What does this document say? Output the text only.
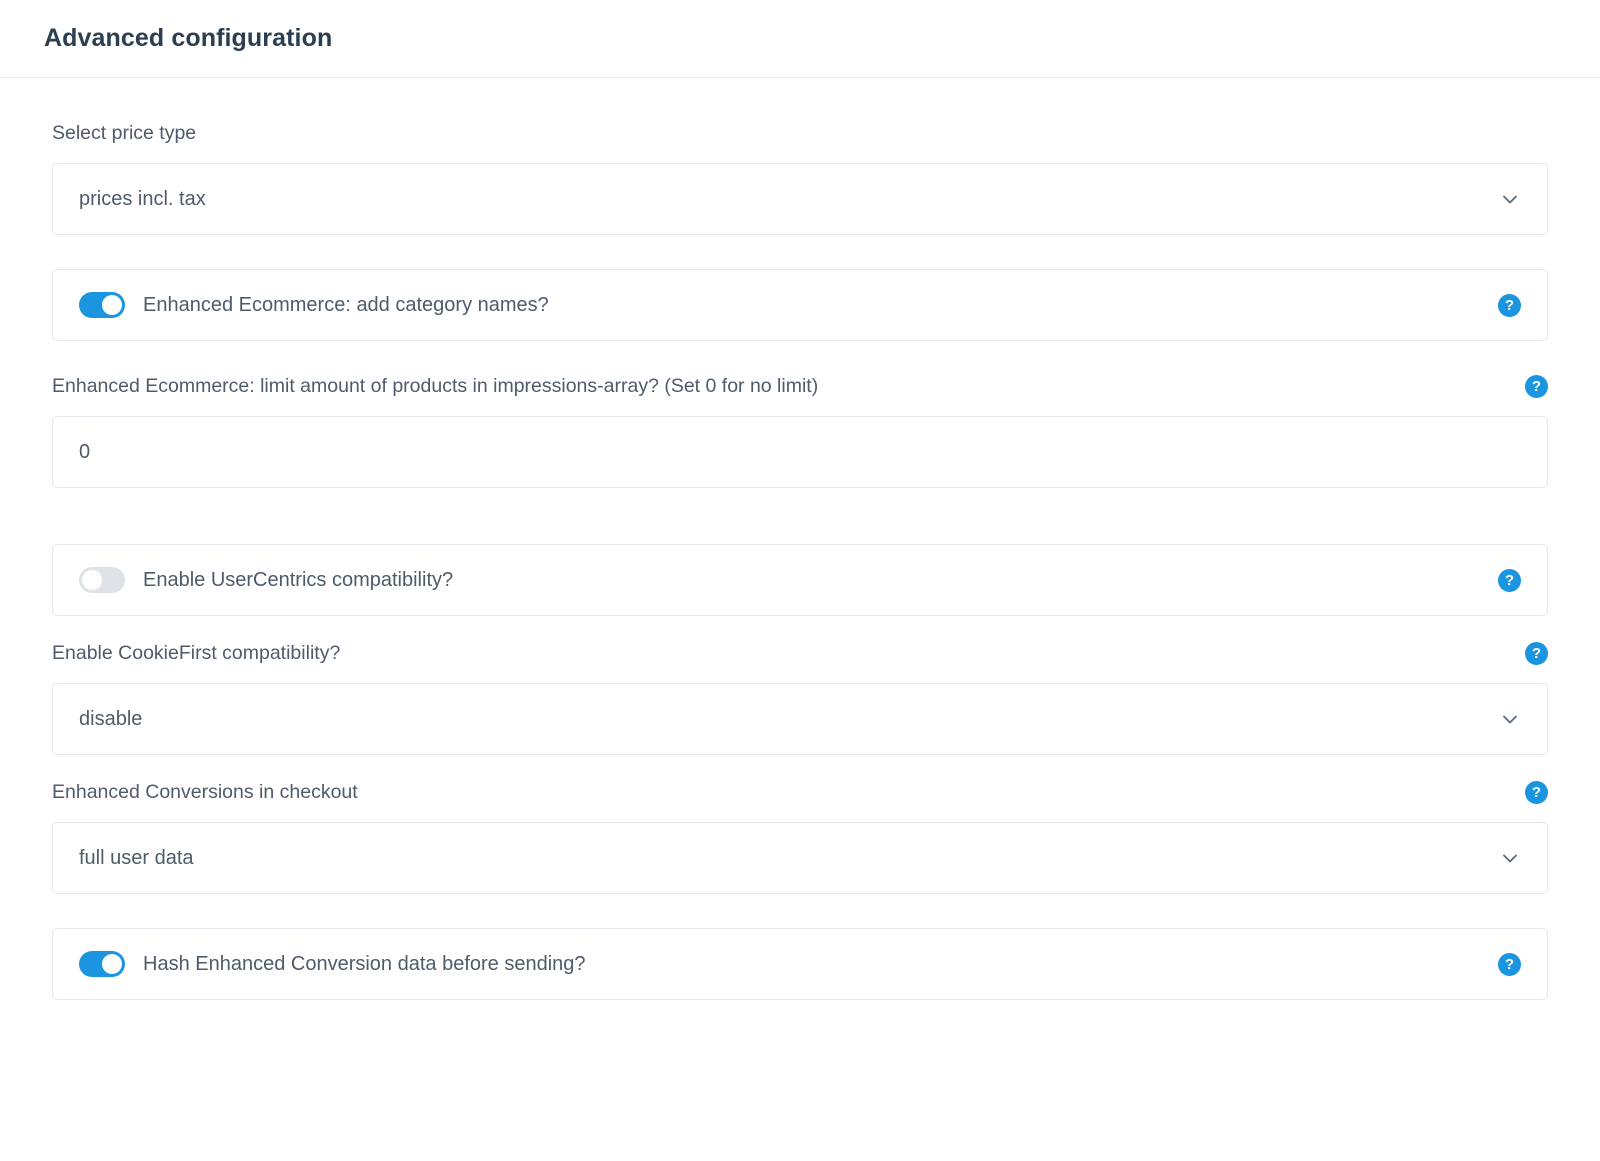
Advanced configuration
Select price type
prices incl. tax
Enhanced Ecommerce: add category names?	?
Enhanced Ecommerce: limit amount of products in impressions-array? (Set 0 for no limit)	?
0
Enable UserCentrics compatibility?	?
Enable CookieFirst compatibility?	?
disable
Enhanced Conversions in checkout	?
full user data
Hash Enhanced Conversion data before sending?	?
